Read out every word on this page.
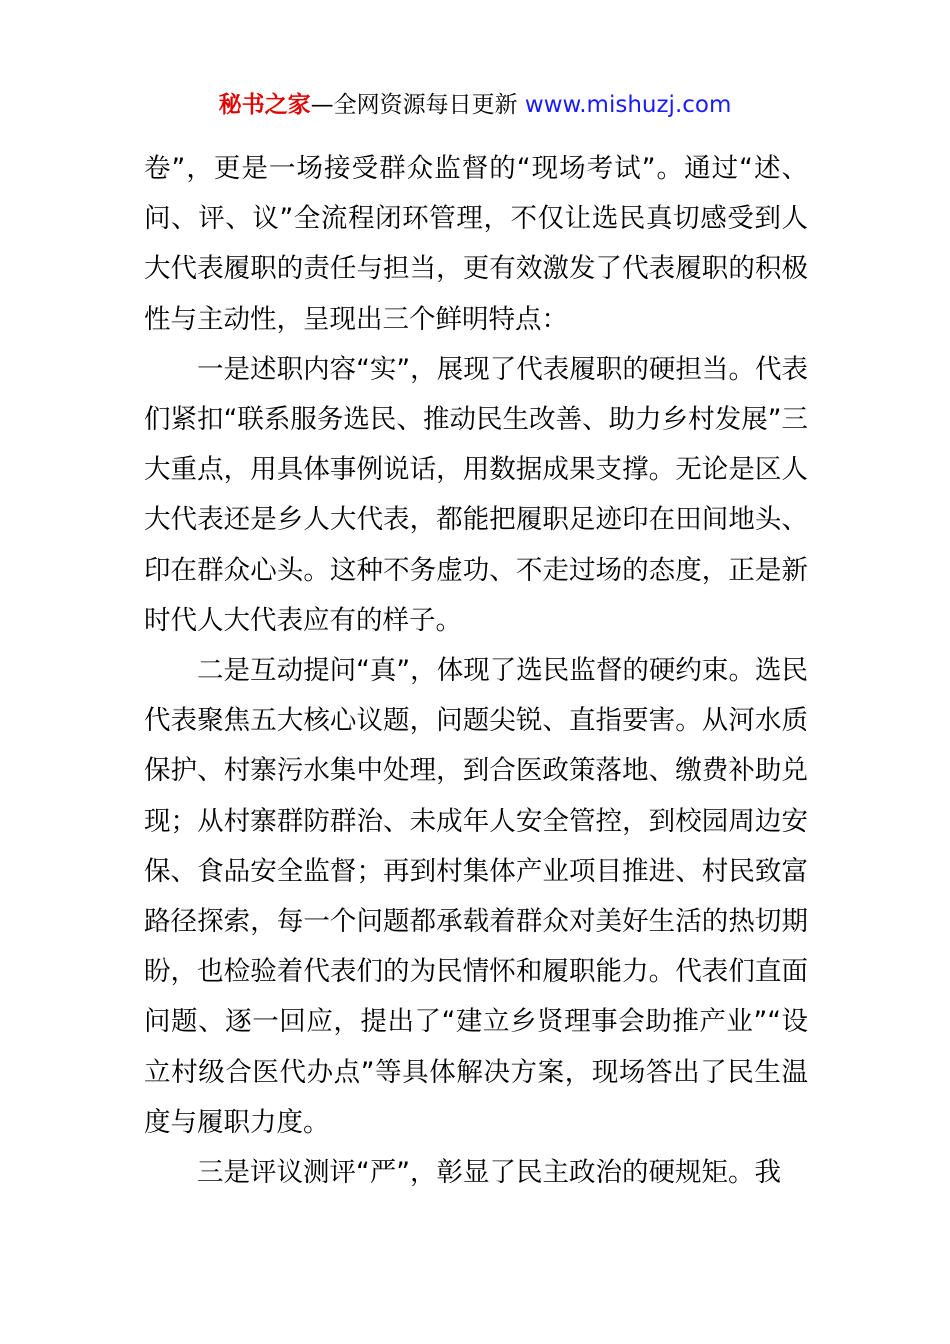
秘书之家—全网资源每日更新 www.mishuzj.com

卷”，更是一场接受群众监督的“现场考试”。通过“述、问、评、议”全流程闭环管理，不仅让选民真切感受到人大代表履职的责任与担当，更有效激发了代表履职的积极性与主动性，呈现出三个鲜明特点：

一是述职内容“实”，展现了代表履职的硬担当。代表们紧扣“联系服务选民、推动民生改善、助力乡村发展”三大重点，用具体事例说话，用数据成果支撑。无论是区人大代表还是乡人大代表，都能把履职足迹印在田间地头、印在群众心头。这种不务虚功、不走过场的态度，正是新时代人大代表应有的样子。

二是互动提问“真”，体现了选民监督的硬约束。选民代表聚焦五大核心议题，问题尖锐、直指要害。从河水质保护、村寨污水集中处理，到合医政策落地、缴费补助兑现；从村寨群防群治、未成年人安全管控，到校园周边安保、食品安全监督；再到村集体产业项目推进、村民致富路径探索，每一个问题都承载着群众对美好生活的热切期盼，也检验着代表们的为民情怀和履职能力。代表们直面问题、逐一回应，提出了“建立乡贤理事会助推产业”“设立村级合医代办点”等具体解决方案，现场答出了民生温度与履职力度。

三是评议测评“严”，彰显了民主政治的硬规矩。我
